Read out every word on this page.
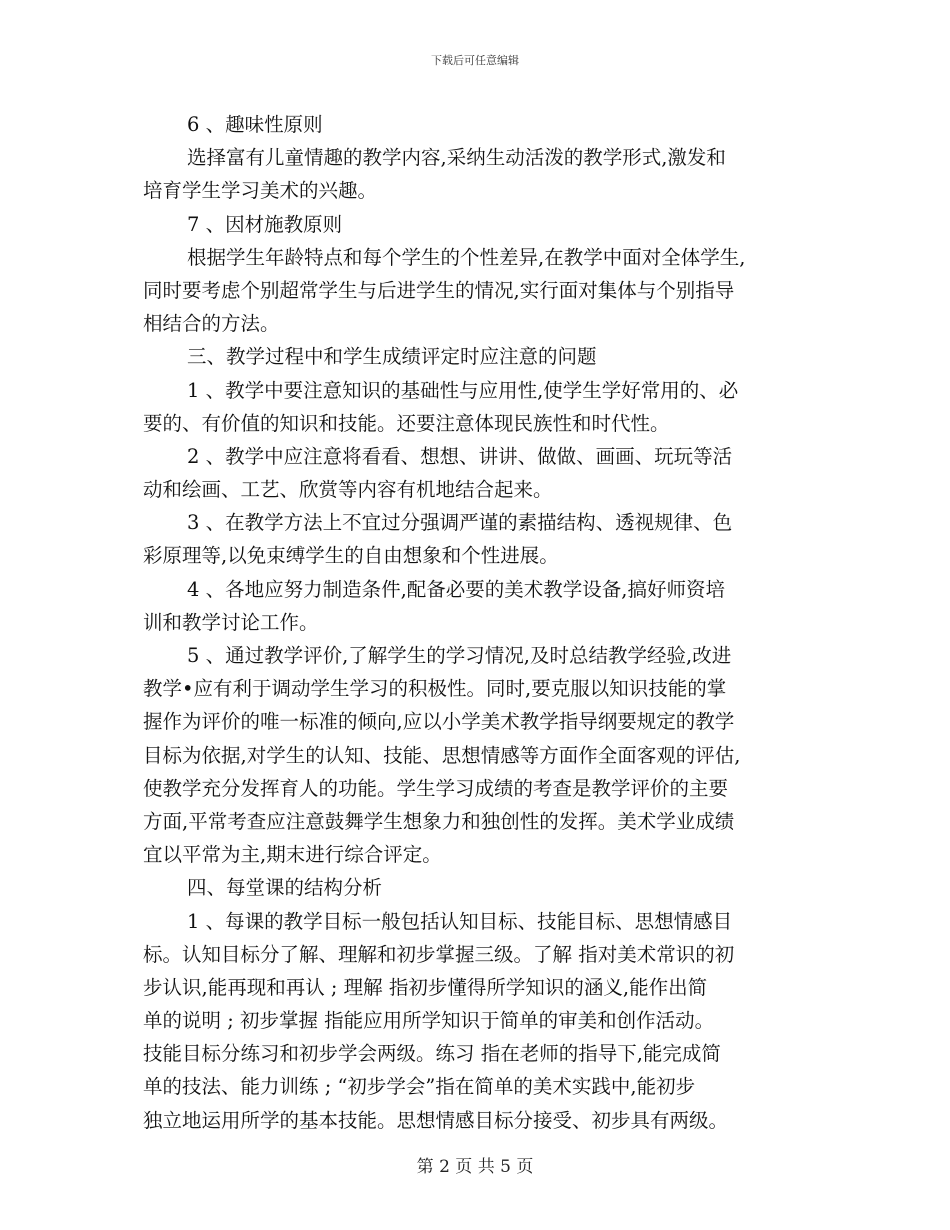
下载后可任意编辑
6 、趣味性原则
选择富有儿童情趣的教学内容,采纳生动活泼的教学形式,激发和
培育学生学习美术的兴趣。
7 、因材施教原则
根据学生年龄特点和每个学生的个性差异,在教学中面对全体学生,
同时要考虑个别超常学生与后进学生的情况,实行面对集体与个别指导
相结合的方法。
三、教学过程中和学生成绩评定时应注意的问题
1 、教学中要注意知识的基础性与应用性,使学生学好常用的、必
要的、有价值的知识和技能。还要注意体现民族性和时代性。
2 、教学中应注意将看看、想想、讲讲、做做、画画、玩玩等活
动和绘画、工艺、欣赏等内容有机地结合起来。
3 、在教学方法上不宜过分强调严谨的素描结构、透视规律、色
彩原理等,以免束缚学生的自由想象和个性进展。
4 、各地应努力制造条件,配备必要的美术教学设备,搞好师资培
训和教学讨论工作。
5 、通过教学评价,了解学生的学习情况,及时总结教学经验,改进
教学•应有利于调动学生学习的积极性。同时,要克服以知识技能的掌
握作为评价的唯一标准的倾向,应以小学美术教学指导纲要规定的教学
目标为依据,对学生的认知、技能、思想情感等方面作全面客观的评估,
使教学充分发挥育人的功能。学生学习成绩的考查是教学评价的主要
方面,平常考查应注意鼓舞学生想象力和独创性的发挥。美术学业成绩
宜以平常为主,期末进行综合评定。
四、每堂课的结构分析
1 、每课的教学目标一般包括认知目标、技能目标、思想情感目
标。认知目标分了解、理解和初步掌握三级。了解 指对美术常识的初
步认识,能再现和再认 ; 理解 指初步懂得所学知识的涵义,能作出简
单的说明 ; 初步掌握 指能应用所学知识于简单的审美和创作活动。
技能目标分练习和初步学会两级。练习 指在老师的指导下,能完成简
单的技法、能力训练 ; “初步学会”指在简单的美术实践中,能初步
独立地运用所学的基本技能。思想情感目标分接受、初步具有两级。
第 2 页 共 5 页
